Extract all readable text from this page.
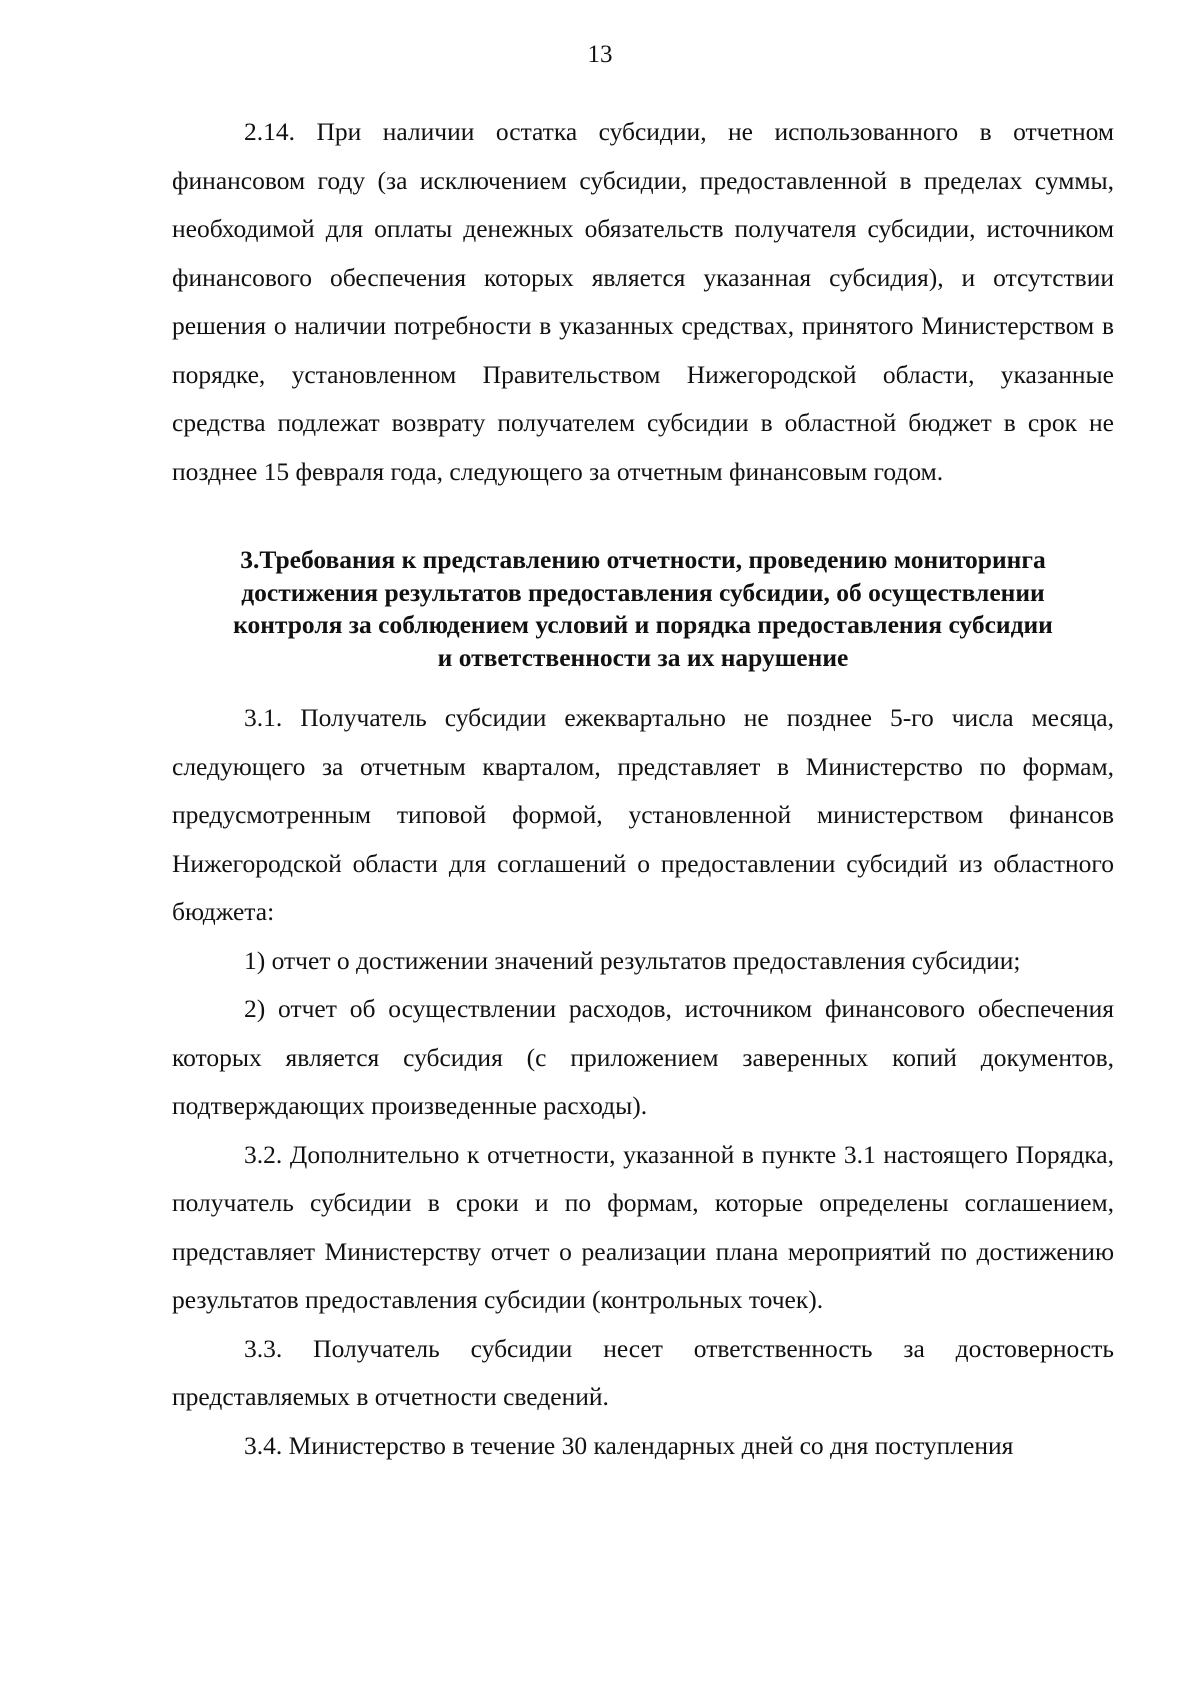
13

2.14. При наличии остатка субсидии, не использованного в отчетном финансовом году (за исключением субсидии, предоставленной в пределах суммы, необходимой для оплаты денежных обязательств получателя субсидии, источником финансового обеспечения которых является указанная субсидия), и отсутствии решения о наличии потребности в указанных средствах, принятого Министерством в порядке, установленном Правительством Нижегородской области, указанные средства подлежат возврату получателем субсидии в областной бюджет в срок не позднее 15 февраля года, следующего за отчетным финансовым годом.

3.Требования к представлению отчетности, проведению мониторинга
достижения результатов предоставления субсидии, об осуществлении
контроля за соблюдением условий и порядка предоставления субсидии
и ответственности за их нарушение

3.1. Получатель субсидии ежеквартально не позднее 5-го числа месяца, следующего за отчетным кварталом, представляет в Министерство по формам, предусмотренным типовой формой, установленной министерством финансов Нижегородской области для соглашений о предоставлении субсидий из областного бюджета:

1) отчет о достижении значений результатов предоставления субсидии;

2) отчет об осуществлении расходов, источником финансового обеспечения которых является субсидия (с приложением заверенных копий документов, подтверждающих произведенные расходы).

3.2. Дополнительно к отчетности, указанной в пункте 3.1 настоящего Порядка, получатель субсидии в сроки и по формам, которые определены соглашением, представляет Министерству отчет о реализации плана мероприятий по достижению результатов предоставления субсидии (контрольных точек).

3.3. Получатель субсидии несет ответственность за достоверность представляемых в отчетности сведений.

3.4. Министерство в течение 30 календарных дней со дня поступления
